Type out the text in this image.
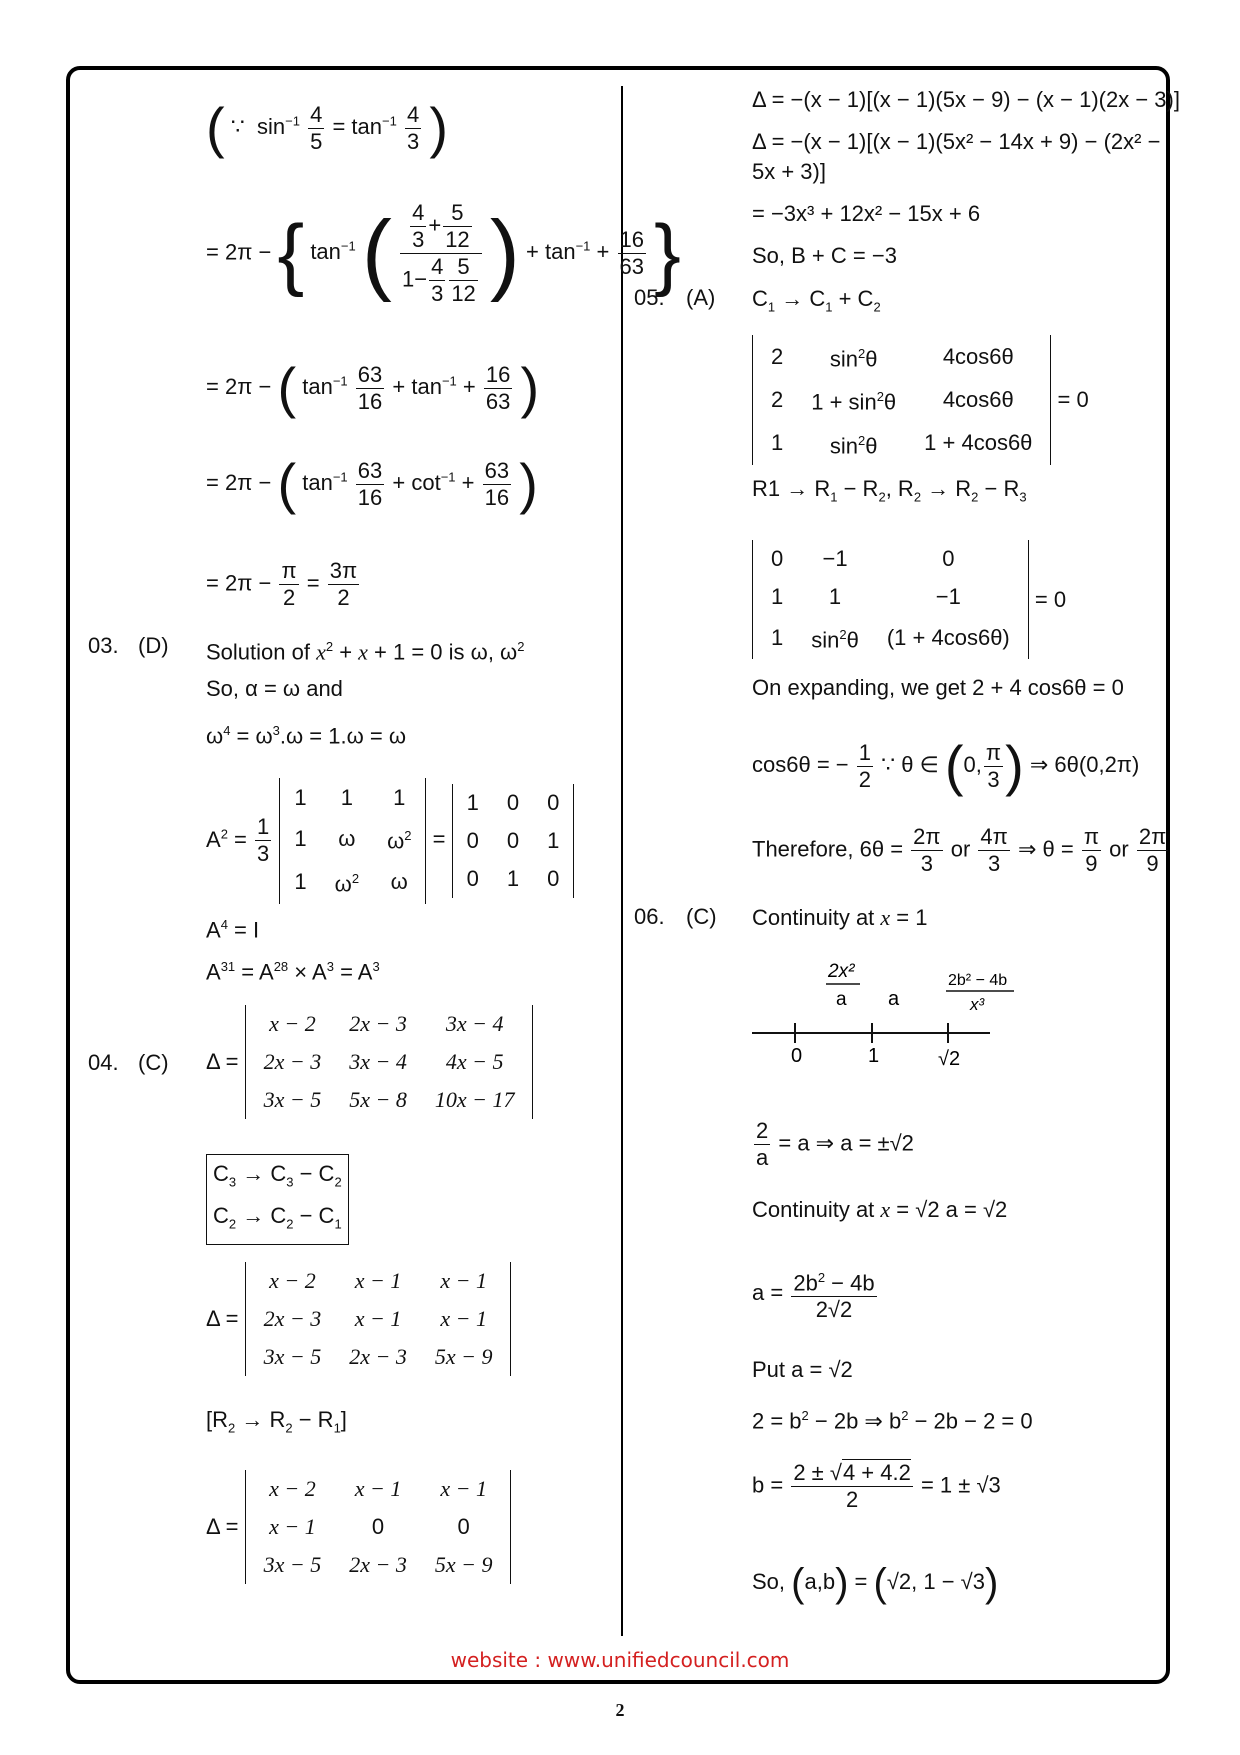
( ∵  $\sin^{-1} \frac{4}{5} = \tan^{-1} \frac{4}{3}$ )
= 2π − { $\tan^{-1}$ ( $\frac{\frac{4}{3} + \frac{5}{12}}{1- \frac{4}{3} \frac{5}{12}}$ ) + $\tan^{-1} + \frac{16}{63}$ }
= 2π − ( $\tan^{-1} \frac{63}{16} + \tan^{-1} + \frac{16}{63}$ )
= 2π − ( $\tan^{-1} \frac{63}{16} + \cot^{-1} + \frac{63}{16}$ )
= $2\pi - \frac{\pi}{2} = \frac{3\pi}{2}$
03. (D) Solution of $x^2 + x + 1 = 0$ is ω, $\omega^2$
So, α = ω and
$\omega^4 = \omega^3.\omega = 1.\omega = \omega$
$A^2 = \frac{1}{3}$

1	1	1
1	ω	$\omega^2$
1	$\omega^2$	ω
=
1	0	0
0	0	1
0	1	0
$A^4 = I$
$A^{31} = A^{28} \times A^3 = A^3$
04. (C) Δ =
x − 2	2x − 3	3x − 4
2x − 3	3x − 4	4x − 5
3x − 5	5x − 8	10x − 17
$C_3 \to C_3 - C_2$
$C_2 \to C_2 - C_1$
Δ =
x − 2	x − 1	x − 1
2x − 3	x − 1	x − 1
3x − 5	2x − 3	5x − 9
$[R_2 \to R_2 - R_1]$
Δ =
x − 2	x − 1	x − 1
x − 1	0	0
3x − 5	2x − 3	5x − 9
Δ = −(x − 1)[(x − 1)(5x − 9) − (x − 1)(2x − 3)]
Δ = −(x − 1)[(x − 1)(5x² − 14x + 9) − (2x² −
5x + 3)]
= −3x³ + 12x² − 15x + 6
So, B + C = −3
05. (A) $C_1 \to C_1 + C_2$
2	$\sin^2\theta$	4cos6θ
2	$1 + \sin^2\theta$	4cos6θ
1	$\sin^2\theta$	1 + 4cos6θ
= 0
$R1 \to R_1 - R_2$, $R_2 \to R_2 - R_3$
0	−1	0
1	1	−1
1	$\sin^2\theta$	(1 + 4cos6θ)
= 0
On expanding, we get 2 + 4 cos6θ = 0
cos6θ = − $\frac{1}{2}$ ∵ θ ∈ (0, $\frac{\pi}{3}$ ) ⇒ 6θ(0,2π)
Therefore, $6\theta = \frac{2\pi}{3}$ or $\frac{4\pi}{3}$ ⇒ $\theta = \frac{\pi}{9}$ or $\frac{2\pi}{9}$
06. (C) Continuity at x = 1
0	1	√2
2x²
a a
2b² − 4b
x³
$\frac{2}{a} = a$ ⇒ a = ±√2
Continuity at x = √2 a = √2
$a = \frac{2b^2 - 4b}{2√2}$
Put a = √2
$2 = b^2 - 2b$ ⇒ $b^2 - 2b - 2 = 0$
$b = \frac{2 \pm √4 + 4.2}{2} = 1 \pm √3$
So, (a,b) = (√2, 1 − √3)
website : www.unifiedcouncil.com
2
